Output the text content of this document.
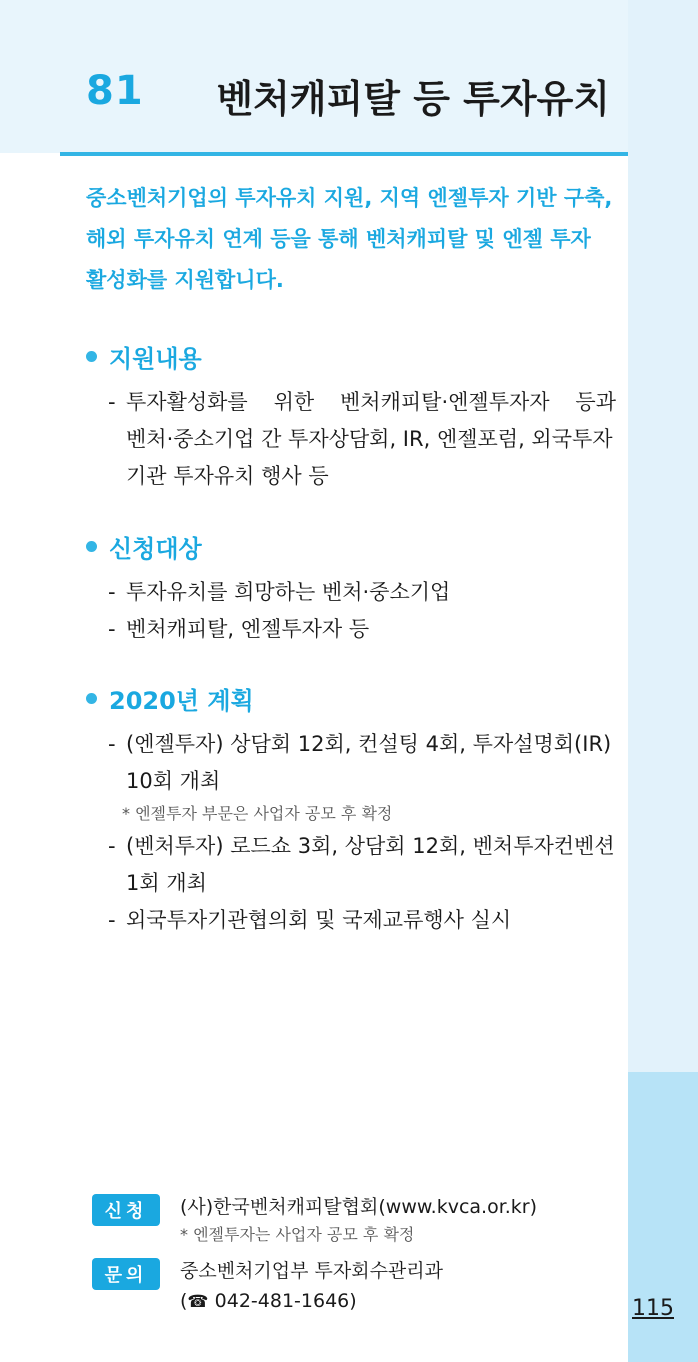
81 벤처캐피탈 등 투자유치

중소벤처기업의 투자유치 지원, 지역 엔젤투자 기반 구축,

해외 투자유치 연계 등을 통해 벤처캐피탈 및 엔젤 투자

활성화를 지원합니다.

지원내용
- 투자활성화를 위한 벤처캐피탈·엔젤투자자 등과

벤처·중소기업 간 투자상담회, IR, 엔젤포럼, 외국투자

기관 투자유치 행사 등

신청대상
- 투자유치를 희망하는 벤처·중소기업

- 벤처캐피탈, 엔젤투자자 등

2020년 계획
- (엔젤투자) 상담회 12회, 컨설팅 4회, 투자설명회(IR)

10회 개최

* 엔젤투자 부문은 사업자 공모 후 확정
- (벤처투자) 로드쇼 3회, 상담회 12회, 벤처투자컨벤션

1회 개최

- 외국투자기관협의회 및 국제교류행사 실시

신청	(사)한국벤처캐피탈협회(www.kvca.or.kr)
* 엔젤투자는 사업자 공모 후 확정
문의	중소벤처기업부 투자회수관리과
(☎ 042-481-1646)	115
